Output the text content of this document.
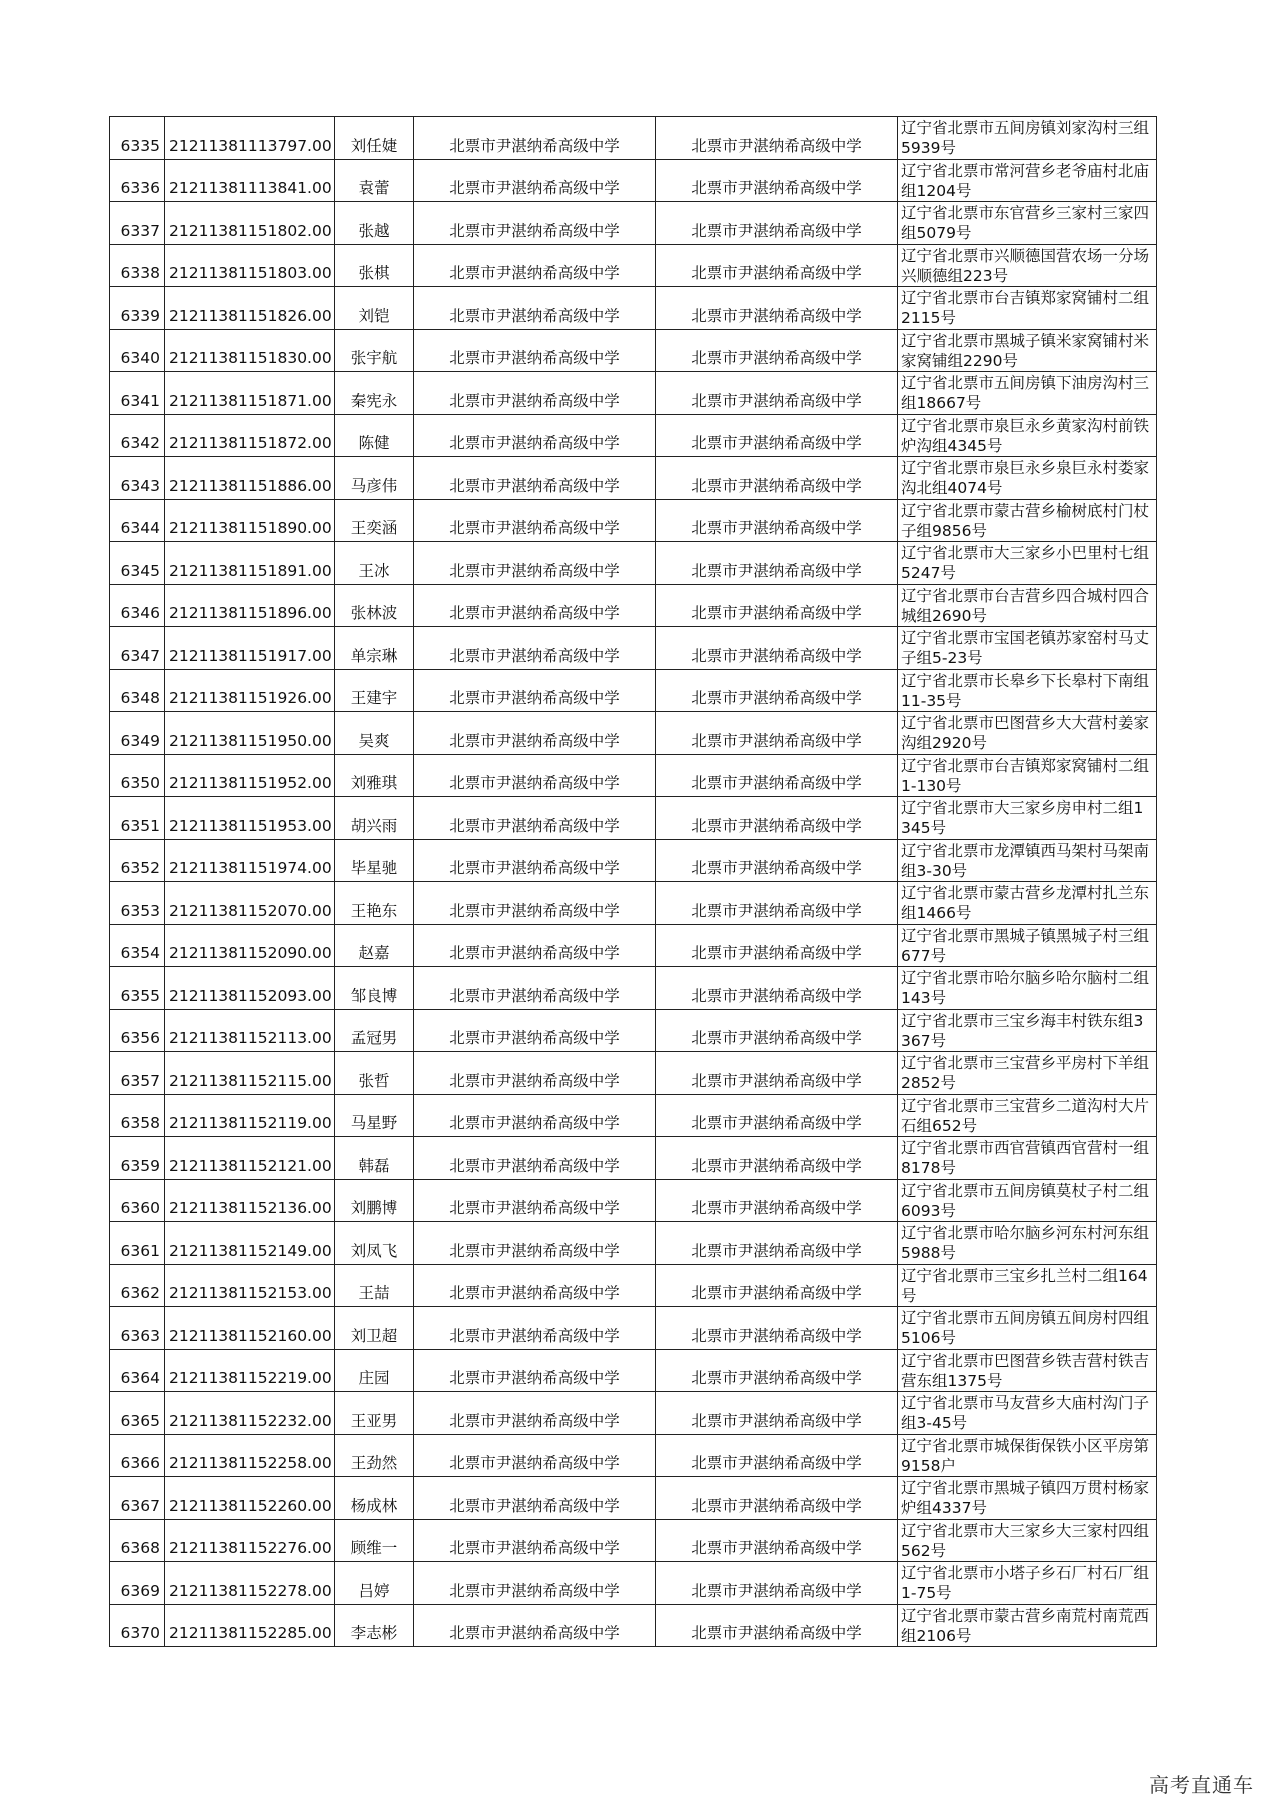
6335	21211381113797.00	刘任婕	北票市尹湛纳希高级中学	北票市尹湛纳希高级中学	辽宁省北票市五间房镇刘家沟村三组5939号
6336	21211381113841.00	袁蕾	北票市尹湛纳希高级中学	北票市尹湛纳希高级中学	辽宁省北票市常河营乡老爷庙村北庙组1204号
6337	21211381151802.00	张越	北票市尹湛纳希高级中学	北票市尹湛纳希高级中学	辽宁省北票市东官营乡三家村三家四组5079号
6338	21211381151803.00	张棋	北票市尹湛纳希高级中学	北票市尹湛纳希高级中学	辽宁省北票市兴顺德国营农场一分场兴顺德组223号
6339	21211381151826.00	刘铠	北票市尹湛纳希高级中学	北票市尹湛纳希高级中学	辽宁省北票市台吉镇郑家窝铺村二组2115号
6340	21211381151830.00	张宇航	北票市尹湛纳希高级中学	北票市尹湛纳希高级中学	辽宁省北票市黑城子镇米家窝铺村米家窝铺组2290号
6341	21211381151871.00	秦宪永	北票市尹湛纳希高级中学	北票市尹湛纳希高级中学	辽宁省北票市五间房镇下油房沟村三组18667号
6342	21211381151872.00	陈健	北票市尹湛纳希高级中学	北票市尹湛纳希高级中学	辽宁省北票市泉巨永乡黄家沟村前铁炉沟组4345号
6343	21211381151886.00	马彦伟	北票市尹湛纳希高级中学	北票市尹湛纳希高级中学	辽宁省北票市泉巨永乡泉巨永村娄家沟北组4074号
6344	21211381151890.00	王奕涵	北票市尹湛纳希高级中学	北票市尹湛纳希高级中学	辽宁省北票市蒙古营乡榆树底村门杖子组9856号
6345	21211381151891.00	王冰	北票市尹湛纳希高级中学	北票市尹湛纳希高级中学	辽宁省北票市大三家乡小巴里村七组5247号
6346	21211381151896.00	张林波	北票市尹湛纳希高级中学	北票市尹湛纳希高级中学	辽宁省北票市台吉营乡四合城村四合城组2690号
6347	21211381151917.00	单宗琳	北票市尹湛纳希高级中学	北票市尹湛纳希高级中学	辽宁省北票市宝国老镇苏家窑村马丈子组5-23号
6348	21211381151926.00	王建宇	北票市尹湛纳希高级中学	北票市尹湛纳希高级中学	辽宁省北票市长皋乡下长皋村下南组11-35号
6349	21211381151950.00	吴爽	北票市尹湛纳希高级中学	北票市尹湛纳希高级中学	辽宁省北票市巴图营乡大大营村姜家沟组2920号
6350	21211381151952.00	刘雅琪	北票市尹湛纳希高级中学	北票市尹湛纳希高级中学	辽宁省北票市台吉镇郑家窝铺村二组1-130号
6351	21211381151953.00	胡兴雨	北票市尹湛纳希高级中学	北票市尹湛纳希高级中学	辽宁省北票市大三家乡房申村二组1345号
6352	21211381151974.00	毕星驰	北票市尹湛纳希高级中学	北票市尹湛纳希高级中学	辽宁省北票市龙潭镇西马架村马架南组3-30号
6353	21211381152070.00	王艳东	北票市尹湛纳希高级中学	北票市尹湛纳希高级中学	辽宁省北票市蒙古营乡龙潭村扎兰东组1466号
6354	21211381152090.00	赵嘉	北票市尹湛纳希高级中学	北票市尹湛纳希高级中学	辽宁省北票市黑城子镇黑城子村三组677号
6355	21211381152093.00	邹良博	北票市尹湛纳希高级中学	北票市尹湛纳希高级中学	辽宁省北票市哈尔脑乡哈尔脑村二组143号
6356	21211381152113.00	孟冠男	北票市尹湛纳希高级中学	北票市尹湛纳希高级中学	辽宁省北票市三宝乡海丰村铁东组3367号
6357	21211381152115.00	张哲	北票市尹湛纳希高级中学	北票市尹湛纳希高级中学	辽宁省北票市三宝营乡平房村下羊组2852号
6358	21211381152119.00	马星野	北票市尹湛纳希高级中学	北票市尹湛纳希高级中学	辽宁省北票市三宝营乡二道沟村大片石组652号
6359	21211381152121.00	韩磊	北票市尹湛纳希高级中学	北票市尹湛纳希高级中学	辽宁省北票市西官营镇西官营村一组8178号
6360	21211381152136.00	刘鹏博	北票市尹湛纳希高级中学	北票市尹湛纳希高级中学	辽宁省北票市五间房镇莫杖子村二组6093号
6361	21211381152149.00	刘凤飞	北票市尹湛纳希高级中学	北票市尹湛纳希高级中学	辽宁省北票市哈尔脑乡河东村河东组5988号
6362	21211381152153.00	王喆	北票市尹湛纳希高级中学	北票市尹湛纳希高级中学	辽宁省北票市三宝乡扎兰村二组164号
6363	21211381152160.00	刘卫超	北票市尹湛纳希高级中学	北票市尹湛纳希高级中学	辽宁省北票市五间房镇五间房村四组5106号
6364	21211381152219.00	庄园	北票市尹湛纳希高级中学	北票市尹湛纳希高级中学	辽宁省北票市巴图营乡铁吉营村铁吉营东组1375号
6365	21211381152232.00	王亚男	北票市尹湛纳希高级中学	北票市尹湛纳希高级中学	辽宁省北票市马友营乡大庙村沟门子组3-45号
6366	21211381152258.00	王劲然	北票市尹湛纳希高级中学	北票市尹湛纳希高级中学	辽宁省北票市城保街保铁小区平房第9158户
6367	21211381152260.00	杨成林	北票市尹湛纳希高级中学	北票市尹湛纳希高级中学	辽宁省北票市黑城子镇四万贯村杨家炉组4337号
6368	21211381152276.00	顾维一	北票市尹湛纳希高级中学	北票市尹湛纳希高级中学	辽宁省北票市大三家乡大三家村四组562号
6369	21211381152278.00	吕婷	北票市尹湛纳希高级中学	北票市尹湛纳希高级中学	辽宁省北票市小塔子乡石厂村石厂组1-75号
6370	21211381152285.00	李志彬	北票市尹湛纳希高级中学	北票市尹湛纳希高级中学	辽宁省北票市蒙古营乡南荒村南荒西组2106号
高考直通车
